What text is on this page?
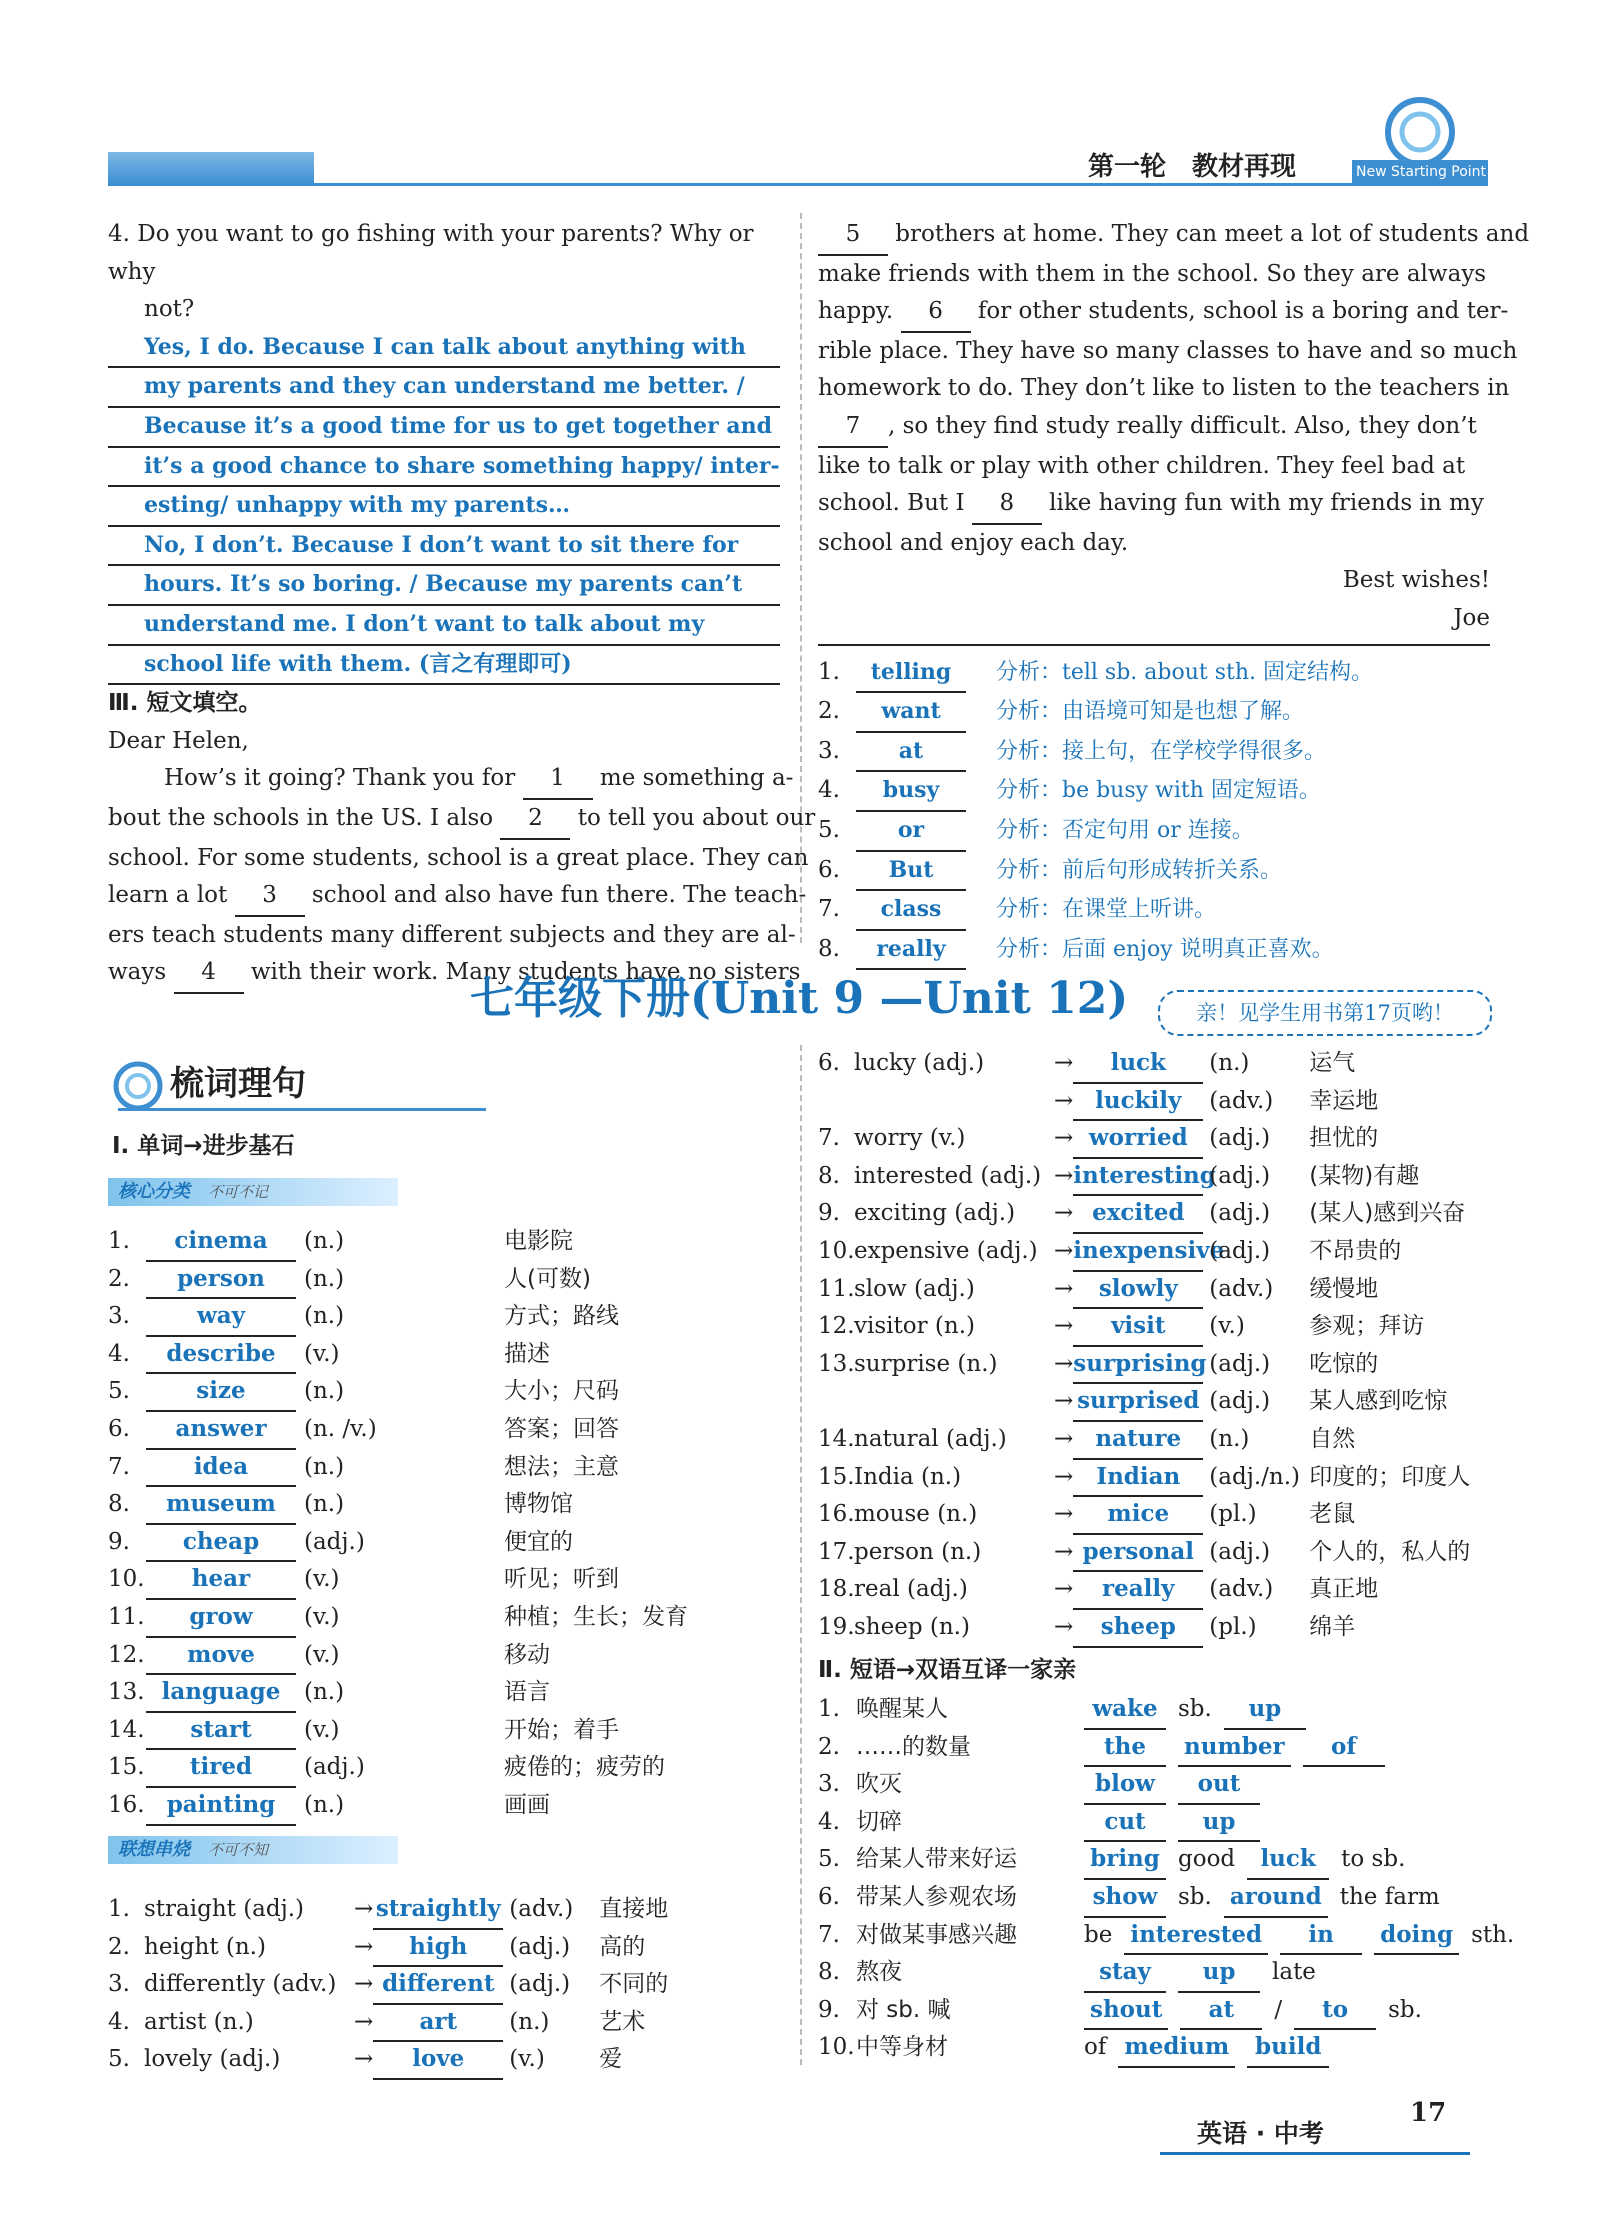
第一轮　教材再现	New Starting Point
4. Do you want to go fishing with your parents? Why or why
not?
Yes, I do. Because I can talk about anything with
my parents and they can understand me better. /
Because it’s a good time for us to get together and
it’s a good chance to share something happy/ inter-
esting/ unhappy with my parents…
No, I don’t. Because I don’t want to sit there for
hours. It’s so boring. / Because my parents can’t
understand me. I don’t want to talk about my
school life with them. (言之有理即可)
Ⅲ. 短文填空。
Dear Helen,
How’s it going? Thank you for 1 me something a-
bout the schools in the US. I also 2 to tell you about our
school. For some students, school is a great place. They can
learn a lot 3 school and also have fun there. The teach-
ers teach students many different subjects and they are al-
ways 4 with their work. Many students have no sisters
5 brothers at home. They can meet a lot of students and
make friends with them in the school. So they are always
happy. 6 for other students, school is a boring and ter-
rible place. They have so many classes to have and so much
homework to do. They don’t like to listen to the teachers in
7 , so they find study really difficult. Also, they don’t
like to talk or play with other children. They feel bad at
school. But I 8 like having fun with my friends in my
school and enjoy each day.
Best wishes!
Joe
1. telling 分析：tell sb. about sth. 固定结构。
2. want	分析：由语境可知是也想了解。
3.	at	分析：接上句，在学校学得很多。
4. busy	分析：be busy with 固定短语。
5.	or	分析：否定句用 or 连接。
6. But	分析：前后句形成转折关系。
7. class 分析：在课堂上听讲。
8. really 分析：后面 enjoy 说明真正喜欢。
七年级下册(Unit 9 —Unit 12)	亲！见学生用书第17页哟！
梳词理句
Ⅰ. 单词→进步基石
核心分类 不可不记
1. cinema (n.)	电影院
2. person (n.)	人(可数)
3.	way	(n.)	方式；路线
4. describe (v.)	描述
5.	size	(n.)	大小；尺码
6. answer (n. /v.)	答案；回答
7.	idea (n.)	想法；主意
8. museum (n.)	博物馆
9. cheap (adj.)	便宜的
10. hear (v.)	听见；听到
11. grow (v.)	种植；生长；发育
12. move (v.)	移动
13. language (n.)	语言
14. start (v.)	开始；着手
15. tired (adj.)	疲倦的；疲劳的
16. painting (n.)	画画
联想串烧 不可不知
1. straight (adj.) → straightly (adv.) 直接地
2. height (n.)	→ high (adj.) 高的
3. differently (adv.) → different (adj.) 不同的
4. artist (n.)	→ art (n.) 艺术
5. lovely (adj.)	→ love (v.) 爱
6. lucky (adj.)	→ luck (n.)	运气
→ luckily (adv.) 幸运地
7. worry (v.)	→ worried (adj.) 担忧的
8. interested (adj.) →interesting(adj.) (某物)有趣
9. exciting (adj.) → excited (adj.) (某人)感到兴奋
10.expensive (adj.) →inexpensive(adj.) 不昂贵的
11.slow (adj.)	→ slowly (adv.) 缓慢地
12.visitor (n.)	→ visit (v.)	参观；拜访
13.surprise (n.) →surprising (adj.) 吃惊的
→ surprised (adj.) 某人感到吃惊
14.natural (adj.) → nature (n.)	自然
15.India (n.)	→ Indian (adj./n.) 印度的；印度人
16.mouse (n.)	→ mice (pl.) 老鼠
17.person (n.)	→ personal (adj.) 个人的，私人的
18.real (adj.)	→ really (adv.) 真正地
19.sheep (n.)	→ sheep (pl.) 绵羊
Ⅱ. 短语→双语互译一家亲
1. 唤醒某人	wake sb. up
2. ……的数量	the number of
3. 吹灭	blow out
4. 切碎	cut up
5. 给某人带来好运	bring good luck to sb.
6. 带某人参观农场	show sb. around the farm
7. 对做某事感兴趣	be interested in doing sth.
8. 熬夜	stay up late
9. 对 sb. 喊	shout at / to sb.
10.中等身材	of medium build
英语 · 中考
17
